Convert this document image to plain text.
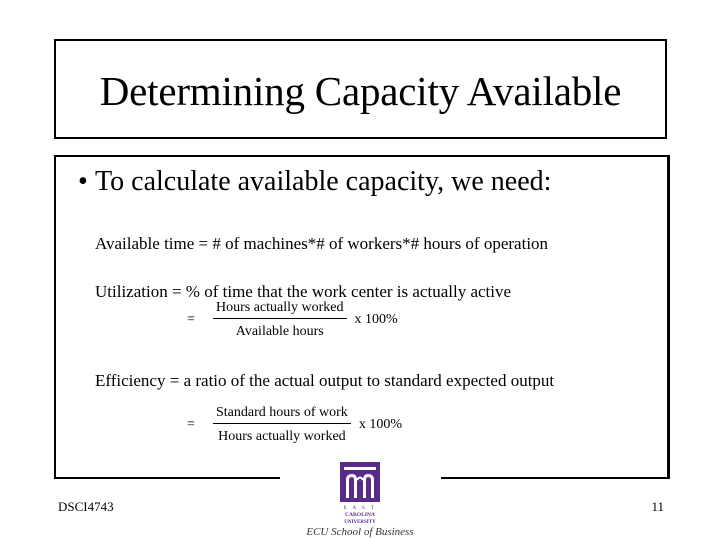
Determining Capacity Available
• To calculate available capacity, we need:
Available time = # of machines*# of workers*# hours of operation
Utilization = % of time that the work center is actually active
=	$\frac{\text{Hours actually worked}}{\text{Available hours}}$ x 100%
Efficiency = a ratio of the actual output to standard expected output
=	$\frac{\text{Standard hours of work}}{\text{Hours actually worked}}$ x 100%
DSCI4743	11
E A S T
CAROLINA
UNIVERSITY
ECU School of Business
